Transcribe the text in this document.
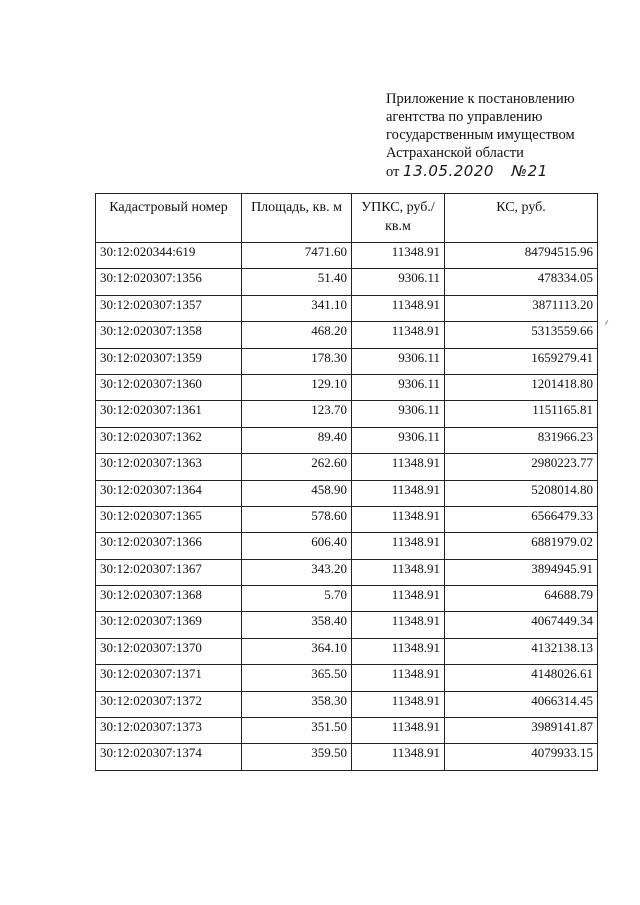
Приложение к постановлению
агентства по управлению
государственным имуществом
Астраханской области
от 13.05.2020 №21
Кадастровый номер	Площадь, кв. м	УПКС, руб./кв.м	КС, руб.
30:12:020344:619	7471.60	11348.91	84794515.96
30:12:020307:1356	51.40	9306.11	478334.05
30:12:020307:1357	341.10	11348.91	3871113.20
30:12:020307:1358	468.20	11348.91	5313559.66
30:12:020307:1359	178.30	9306.11	1659279.41
30:12:020307:1360	129.10	9306.11	1201418.80
30:12:020307:1361	123.70	9306.11	1151165.81
30:12:020307:1362	89.40	9306.11	831966.23
30:12:020307:1363	262.60	11348.91	2980223.77
30:12:020307:1364	458.90	11348.91	5208014.80
30:12:020307:1365	578.60	11348.91	6566479.33
30:12:020307:1366	606.40	11348.91	6881979.02
30:12:020307:1367	343.20	11348.91	3894945.91
30:12:020307:1368	5.70	11348.91	64688.79
30:12:020307:1369	358.40	11348.91	4067449.34
30:12:020307:1370	364.10	11348.91	4132138.13
30:12:020307:1371	365.50	11348.91	4148026.61
30:12:020307:1372	358.30	11348.91	4066314.45
30:12:020307:1373	351.50	11348.91	3989141.87
30:12:020307:1374	359.50	11348.91	4079933.15
